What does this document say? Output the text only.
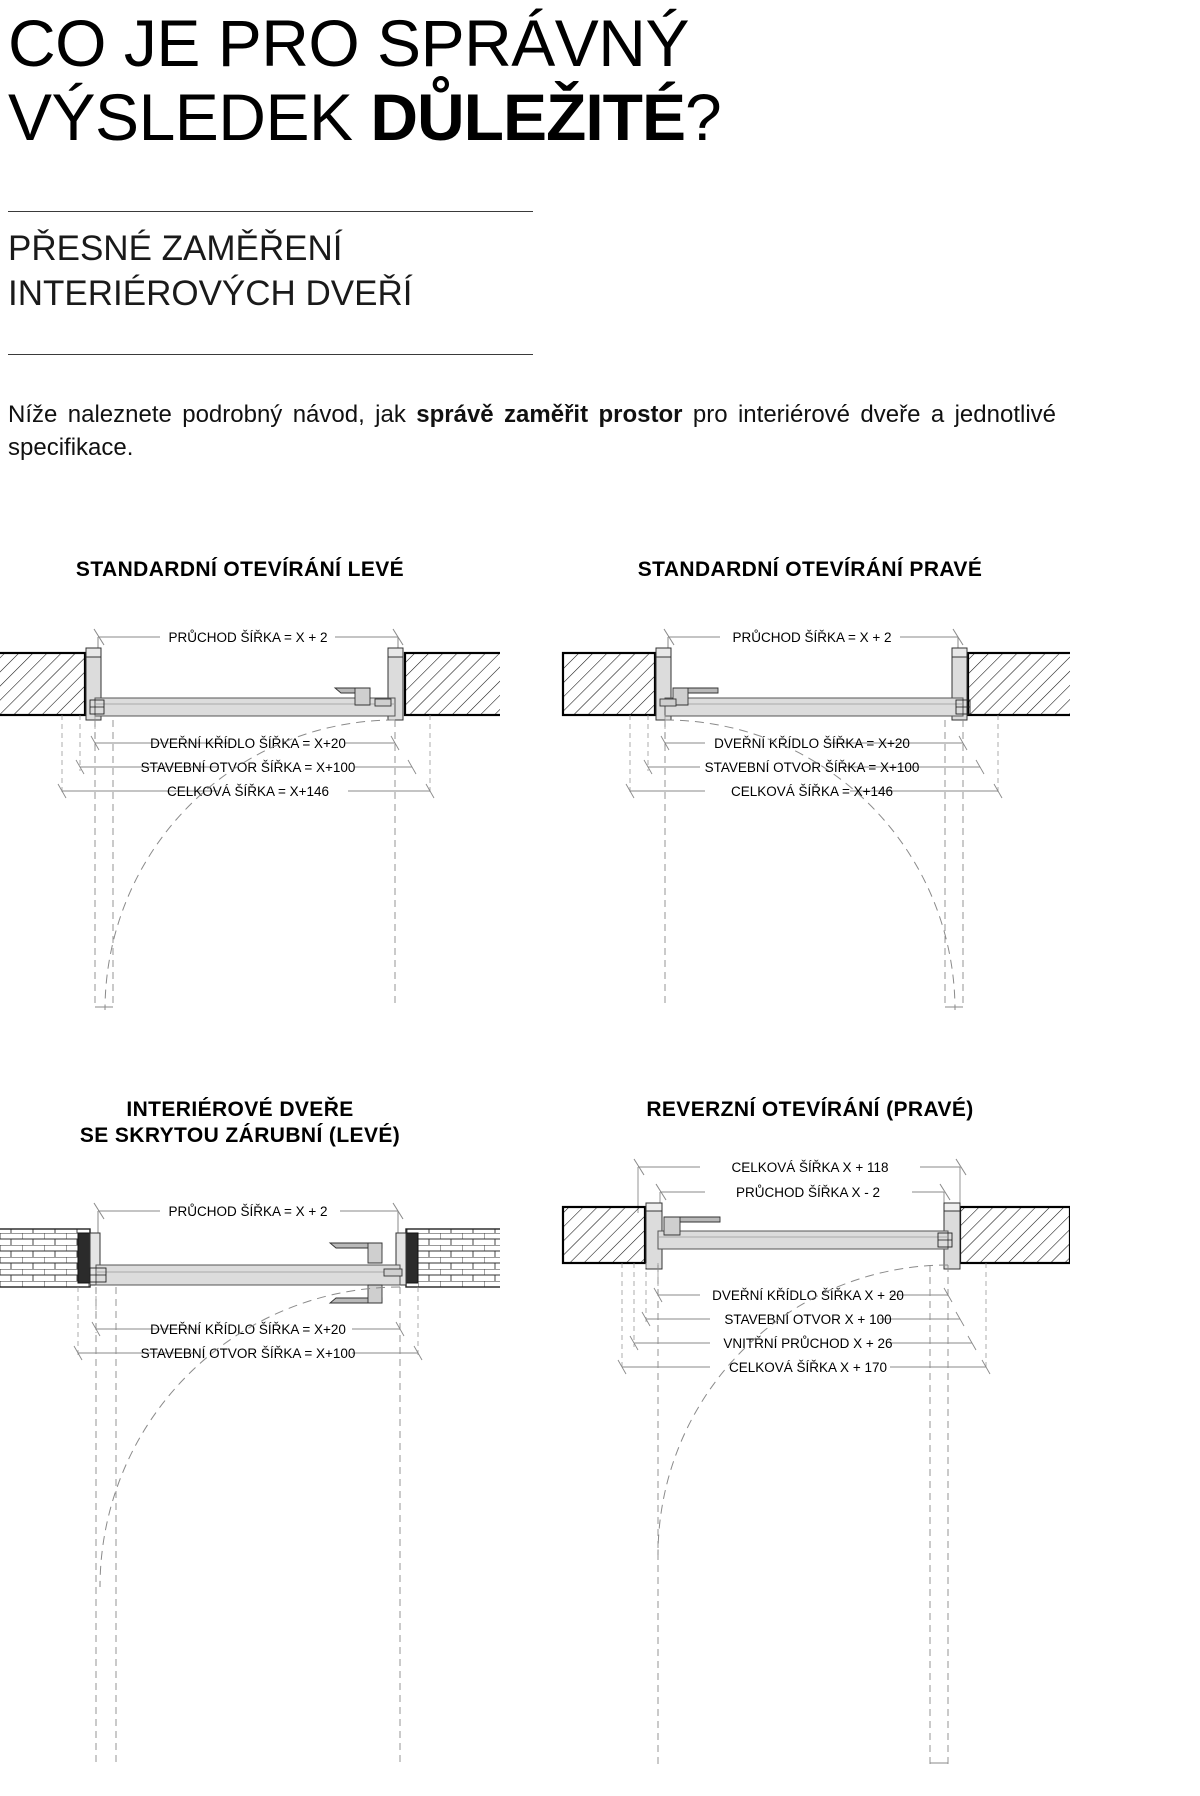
CO JE PRO SPRÁVNÝ
VÝSLEDEK DŮLEŽITÉ?
PŘESNÉ ZAMĚŘENÍ
INTERIÉROVÝCH DVEŘÍ

Níže naleznete podrobný návod, jak správě zaměřit prostor pro interiérové dveře a jednotlivé specifikace.

STANDARDNÍ OTEVÍRÁNÍ LEVÉ	STANDARDNÍ OTEVÍRÁNÍ PRAVÉ
PRŮCHOD ŠÍŘKA = X + 2
DVEŘNÍ KŘÍDLO ŠÍŘKA = X+20
STAVEBNÍ OTVOR ŠÍŘKA = X+100
CELKOVÁ ŠÍŘKA = X+146
PRŮCHOD ŠÍŘKA = X + 2
DVEŘNÍ KŘÍDLO ŠÍŘKA = X+20
STAVEBNÍ OTVOR ŠÍŘKA = X+100
CELKOVÁ ŠÍŘKA = X+146
INTERIÉROVÉ DVEŘE
SE SKRYTOU ZÁRUBNÍ (LEVÉ)
REVERZNÍ OTEVÍRÁNÍ (PRAVÉ)
PRŮCHOD ŠÍŘKA = X + 2
DVEŘNÍ KŘÍDLO ŠÍŘKA = X+20
STAVEBNÍ OTVOR ŠÍŘKA = X+100
CELKOVÁ ŠÍŘKA X + 118
PRŮCHOD ŠÍŘKA X - 2
DVEŘNÍ KŘÍDLO ŠÍŘKA X + 20
STAVEBNÍ OTVOR X + 100
VNITŘNÍ PRŮCHOD X + 26
CELKOVÁ ŠÍŘKA X + 170
